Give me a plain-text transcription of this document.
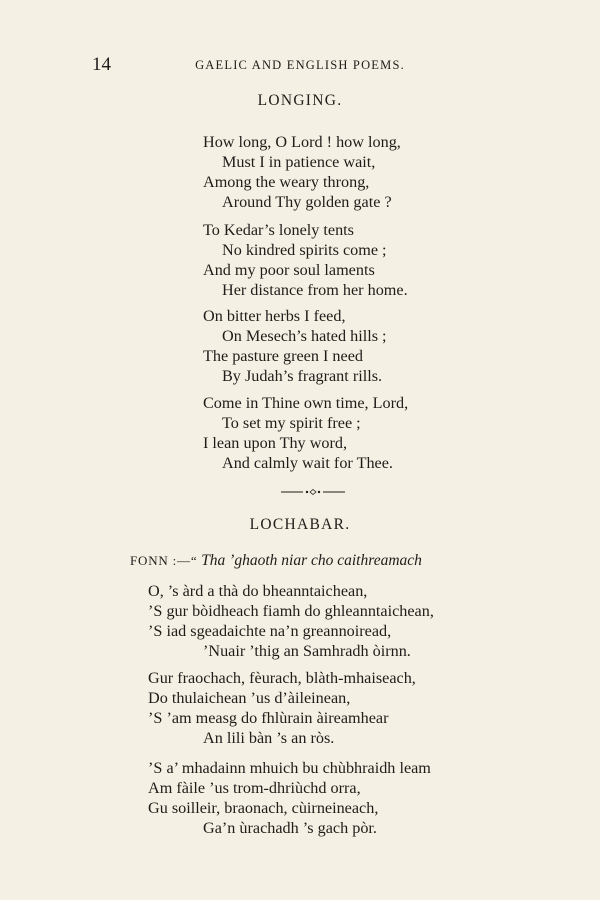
14	GAELIC AND ENGLISH POEMS.
LONGING.
How long, O Lord ! how long,
Must I in patience wait,
Among the weary throng,
Around Thy golden gate ?
To Kedar’s lonely tents
No kindred spirits come ;
And my poor soul laments
Her distance from her home.
On bitter herbs I feed,
On Mesech’s hated hills ;
The pasture green I need
By Judah’s fragrant rills.
Come in Thine own time, Lord,
To set my spirit free ;
I lean upon Thy word,
And calmly wait for Thee.
LOCHABAR.
FONN :—“ Tha ’ghaoth niar cho caithreamach
O, ’s àrd a thà do bheanntaichean,
’S gur bòidheach fiamh do ghleanntaichean,
’S iad sgeadaichte na’n greannoiread,
’Nuair ’thig an Samhradh òirnn.
Gur fraochach, fèurach, blàth-mhaiseach,
Do thulaichean ’us d’àileinean,
’S ’am measg do fhlùrain àireamhear
An lili bàn ’s an ròs.
’S a’ mhadainn mhuich bu chùbhraidh leam
Am fàile ’us trom-dhriùchd orra,
Gu soilleir, braonach, cùirneineach,
Ga’n ùrachadh ’s gach pòr.
